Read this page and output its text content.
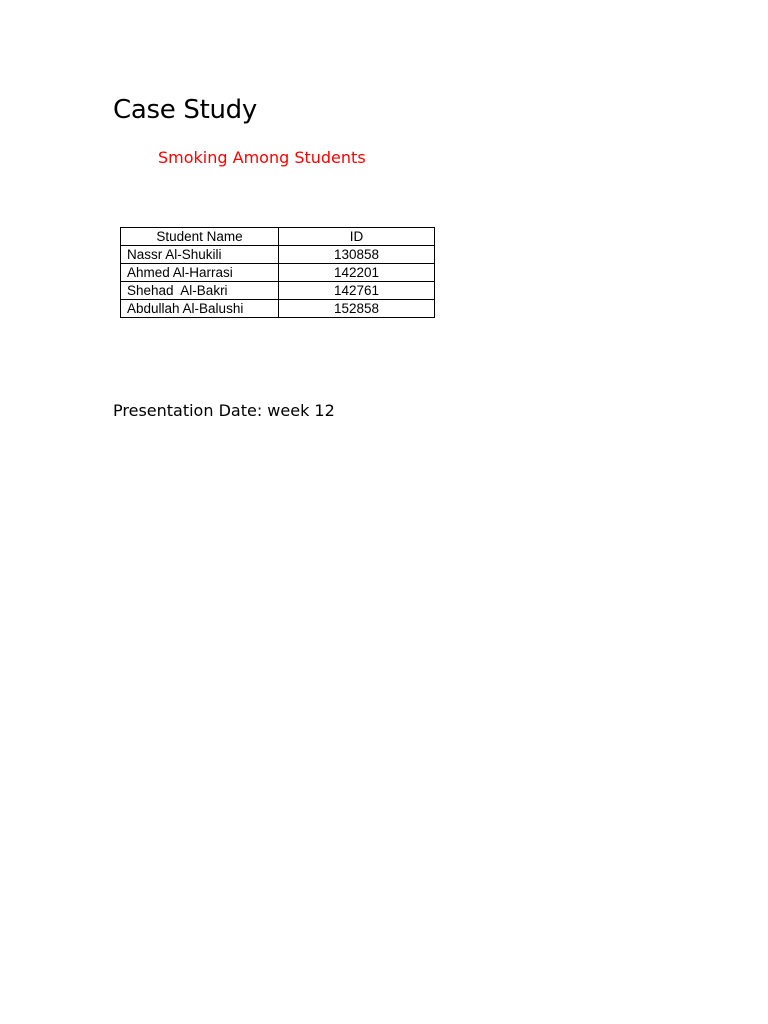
Case Study

Smoking Among Students

Student Name	ID
Nassr Al-Shukili	130858
Ahmed Al-Harrasi	142201
Shehad  Al-Bakri	142761
Abdullah Al-Balushi	152858

Presentation Date: week 12
